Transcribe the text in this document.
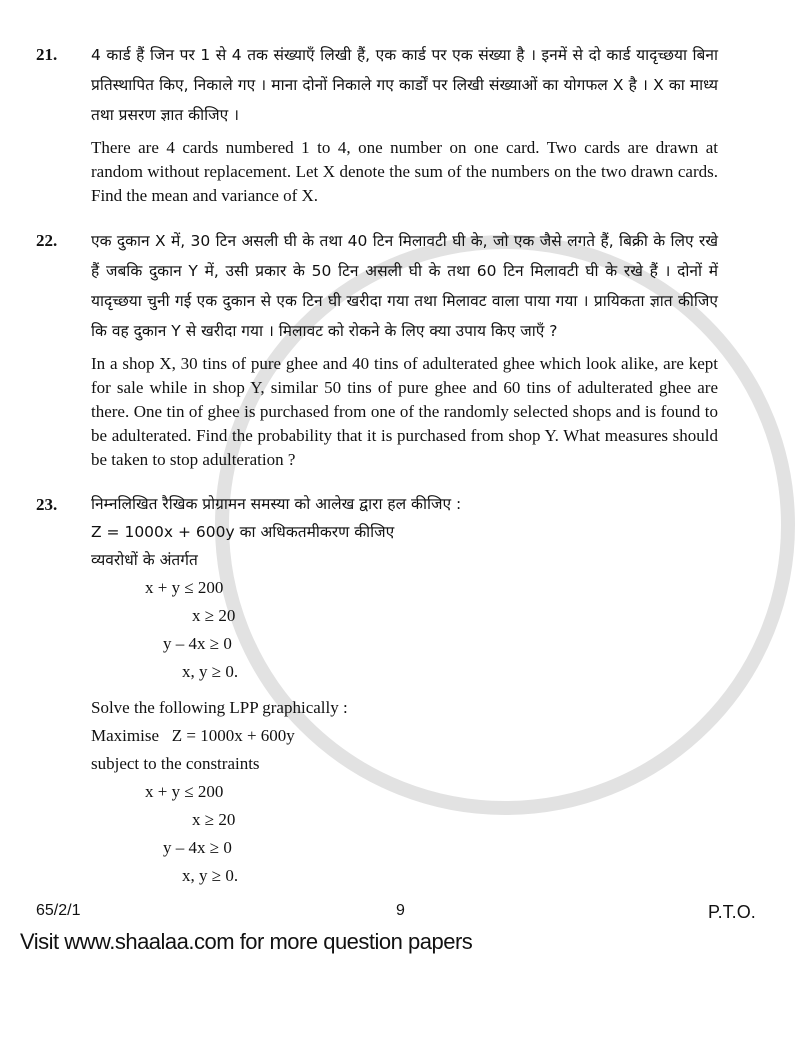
21.	4 कार्ड हैं जिन पर 1 से 4 तक संख्याएँ लिखी हैं, एक कार्ड पर एक संख्या है । इनमें से दो कार्ड यादृच्छया बिना प्रतिस्थापित किए, निकाले गए । माना दोनों निकाले गए कार्डों पर लिखी संख्याओं का योगफल X है । X का माध्य तथा प्रसरण ज्ञात कीजिए ।
There are 4 cards numbered 1 to 4, one number on one card. Two cards are drawn at random without replacement. Let X denote the sum of the numbers on the two drawn cards. Find the mean and variance of X.
22.	एक दुकान X में, 30 टिन असली घी के तथा 40 टिन मिलावटी घी के, जो एक जैसे लगते हैं, बिक्री के लिए रखे हैं जबकि दुकान Y में, उसी प्रकार के 50 टिन असली घी के तथा 60 टिन मिलावटी घी के रखे हैं । दोनों में यादृच्छया चुनी गई एक दुकान से एक टिन घी खरीदा गया तथा मिलावट वाला पाया गया । प्रायिकता ज्ञात कीजिए कि वह दुकान Y से खरीदा गया । मिलावट को रोकने के लिए क्या उपाय किए जाएँ ?
In a shop X, 30 tins of pure ghee and 40 tins of adulterated ghee which look alike, are kept for sale while in shop Y, similar 50 tins of pure ghee and 60 tins of adulterated ghee are there. One tin of ghee is purchased from one of the randomly selected shops and is found to be adulterated. Find the probability that it is purchased from shop Y. What measures should be taken to stop adulteration ?
23.	निम्नलिखित रैखिक प्रोग्रामन समस्या को आलेख द्वारा हल कीजिए :
Z = 1000x + 600y का अधिकतमीकरण कीजिए
व्यवरोधों के अंतर्गत
x + y ≤ 200
x ≥ 20
y – 4x ≥ 0
x, y ≥ 0.
Solve the following LPP graphically :
Maximise   Z = 1000x + 600y
subject to the constraints
x + y ≤ 200
x ≥ 20
y – 4x ≥ 0
x, y ≥ 0.
65/2/1	9	P.T.O.
Visit www.shaalaa.com for more question papers
